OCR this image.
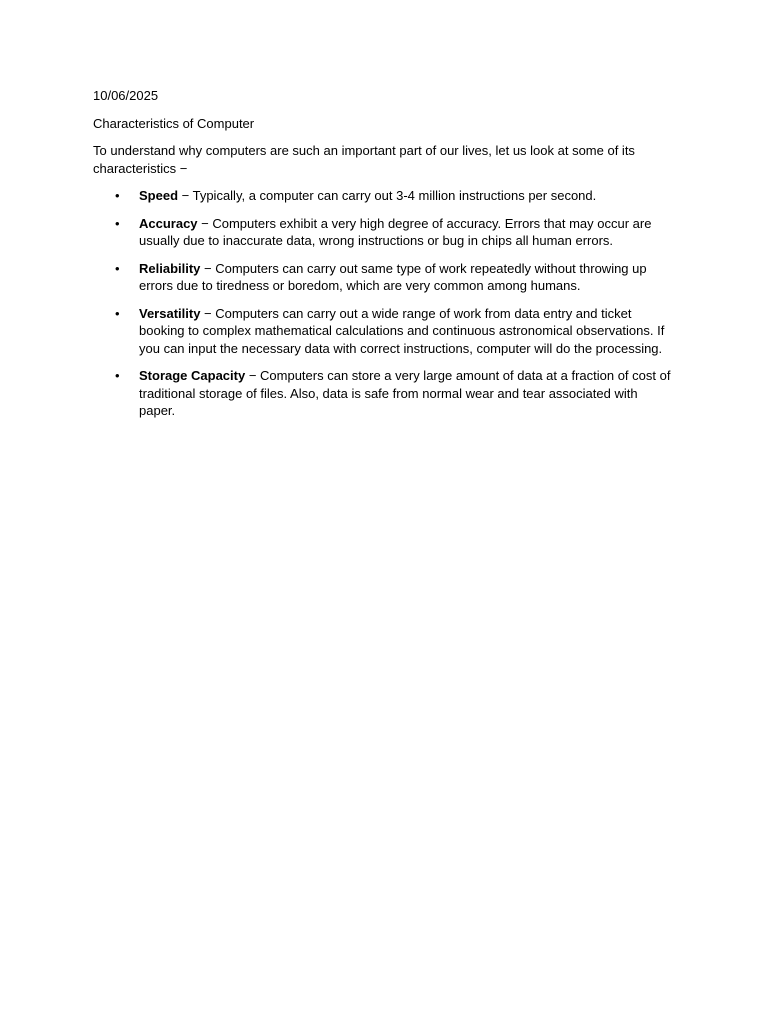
10/06/2025

Characteristics of Computer

To understand why computers are such an important part of our lives, let us look at some of its characteristics −

• Speed − Typically, a computer can carry out 3-4 million instructions per second.
• Accuracy − Computers exhibit a very high degree of accuracy. Errors that may occur are usually due to inaccurate data, wrong instructions or bug in chips all human errors.
• Reliability − Computers can carry out same type of work repeatedly without throwing up errors due to tiredness or boredom, which are very common among humans.
• Versatility − Computers can carry out a wide range of work from data entry and ticket booking to complex mathematical calculations and continuous astronomical observations. If you can input the necessary data with correct instructions, computer will do the processing.
• Storage Capacity − Computers can store a very large amount of data at a fraction of cost of traditional storage of files. Also, data is safe from normal wear and tear associated with paper.
